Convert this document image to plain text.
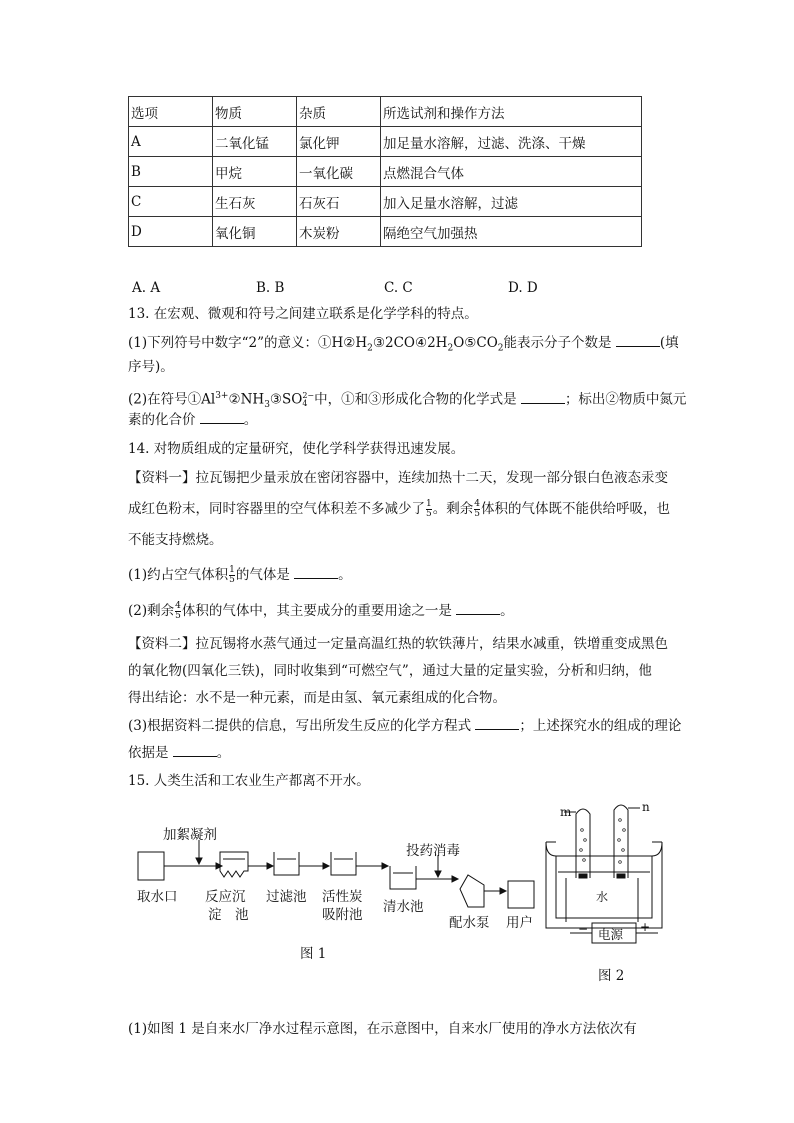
选项	物质	杂质	所选试剂和操作方法
A	二氧化锰	氯化钾	加足量水溶解，过滤、洗涤、干燥
B	甲烷	一氧化碳	点燃混合气体
C	生石灰	石灰石	加入足量水溶解，过滤
D	氧化铜	木炭粉	隔绝空气加强热
A. A	B. B	C. C	D. D
13. 在宏观、微观和符号之间建立联系是化学学科的特点。
(1)下列符号中数字“2”的意义：$①H②H_2③2CO④2H_2O⑤CO_2$能表示分子个数是	(填
序号)。
(2)在符号$①Al^{3+}②NH_3③SO$ 2−
4 中，①和③形成化合物的化学式是	；标出②物质中氮元
素的化合价	。
14. 对物质组成的定量研究，使化学科学获得迅速发展。
【资料一】拉瓦锡把少量汞放在密闭容器中，连续加热十二天，发现一部分银白色液态汞变
成红色粉末，同时容器里的空气体积差不多减少了 $\frac{1}{5}$ 。剩余 $\frac{4}{5}$ 体积的气体既不能供给呼吸，也
不能支持燃烧。
(1)约占空气体积 $\frac{1}{5}$ 的气体是	。
(2)剩余 $\frac{4}{5}$ 体积的气体中，其主要成分的重要用途之一是	。
【资料二】拉瓦锡将水蒸气通过一定量高温红热的软铁薄片，结果水减重，铁增重变成黑色
的氧化物(四氧化三铁)，同时收集到“可燃空气”，通过大量的定量实验，分析和归纳，他
得出结论：水不是一种元素，而是由氢、氧元素组成的化合物。
(3)根据资料二提供的信息，写出所发生反应的化学方程式	；上述探究水的组成的理论
依据是	。
15. 人类生活和工农业生产都离不开水。
加絮凝剂
投药消毒
取水口 反应沉
淀　池
过滤池 活性炭
吸附池 清水池
配水泵 用户
图 1
m	n
水
−	+
电源
图 2
(1)如图 1 是自来水厂净水过程示意图，在示意图中，自来水厂使用的净水方法依次有
